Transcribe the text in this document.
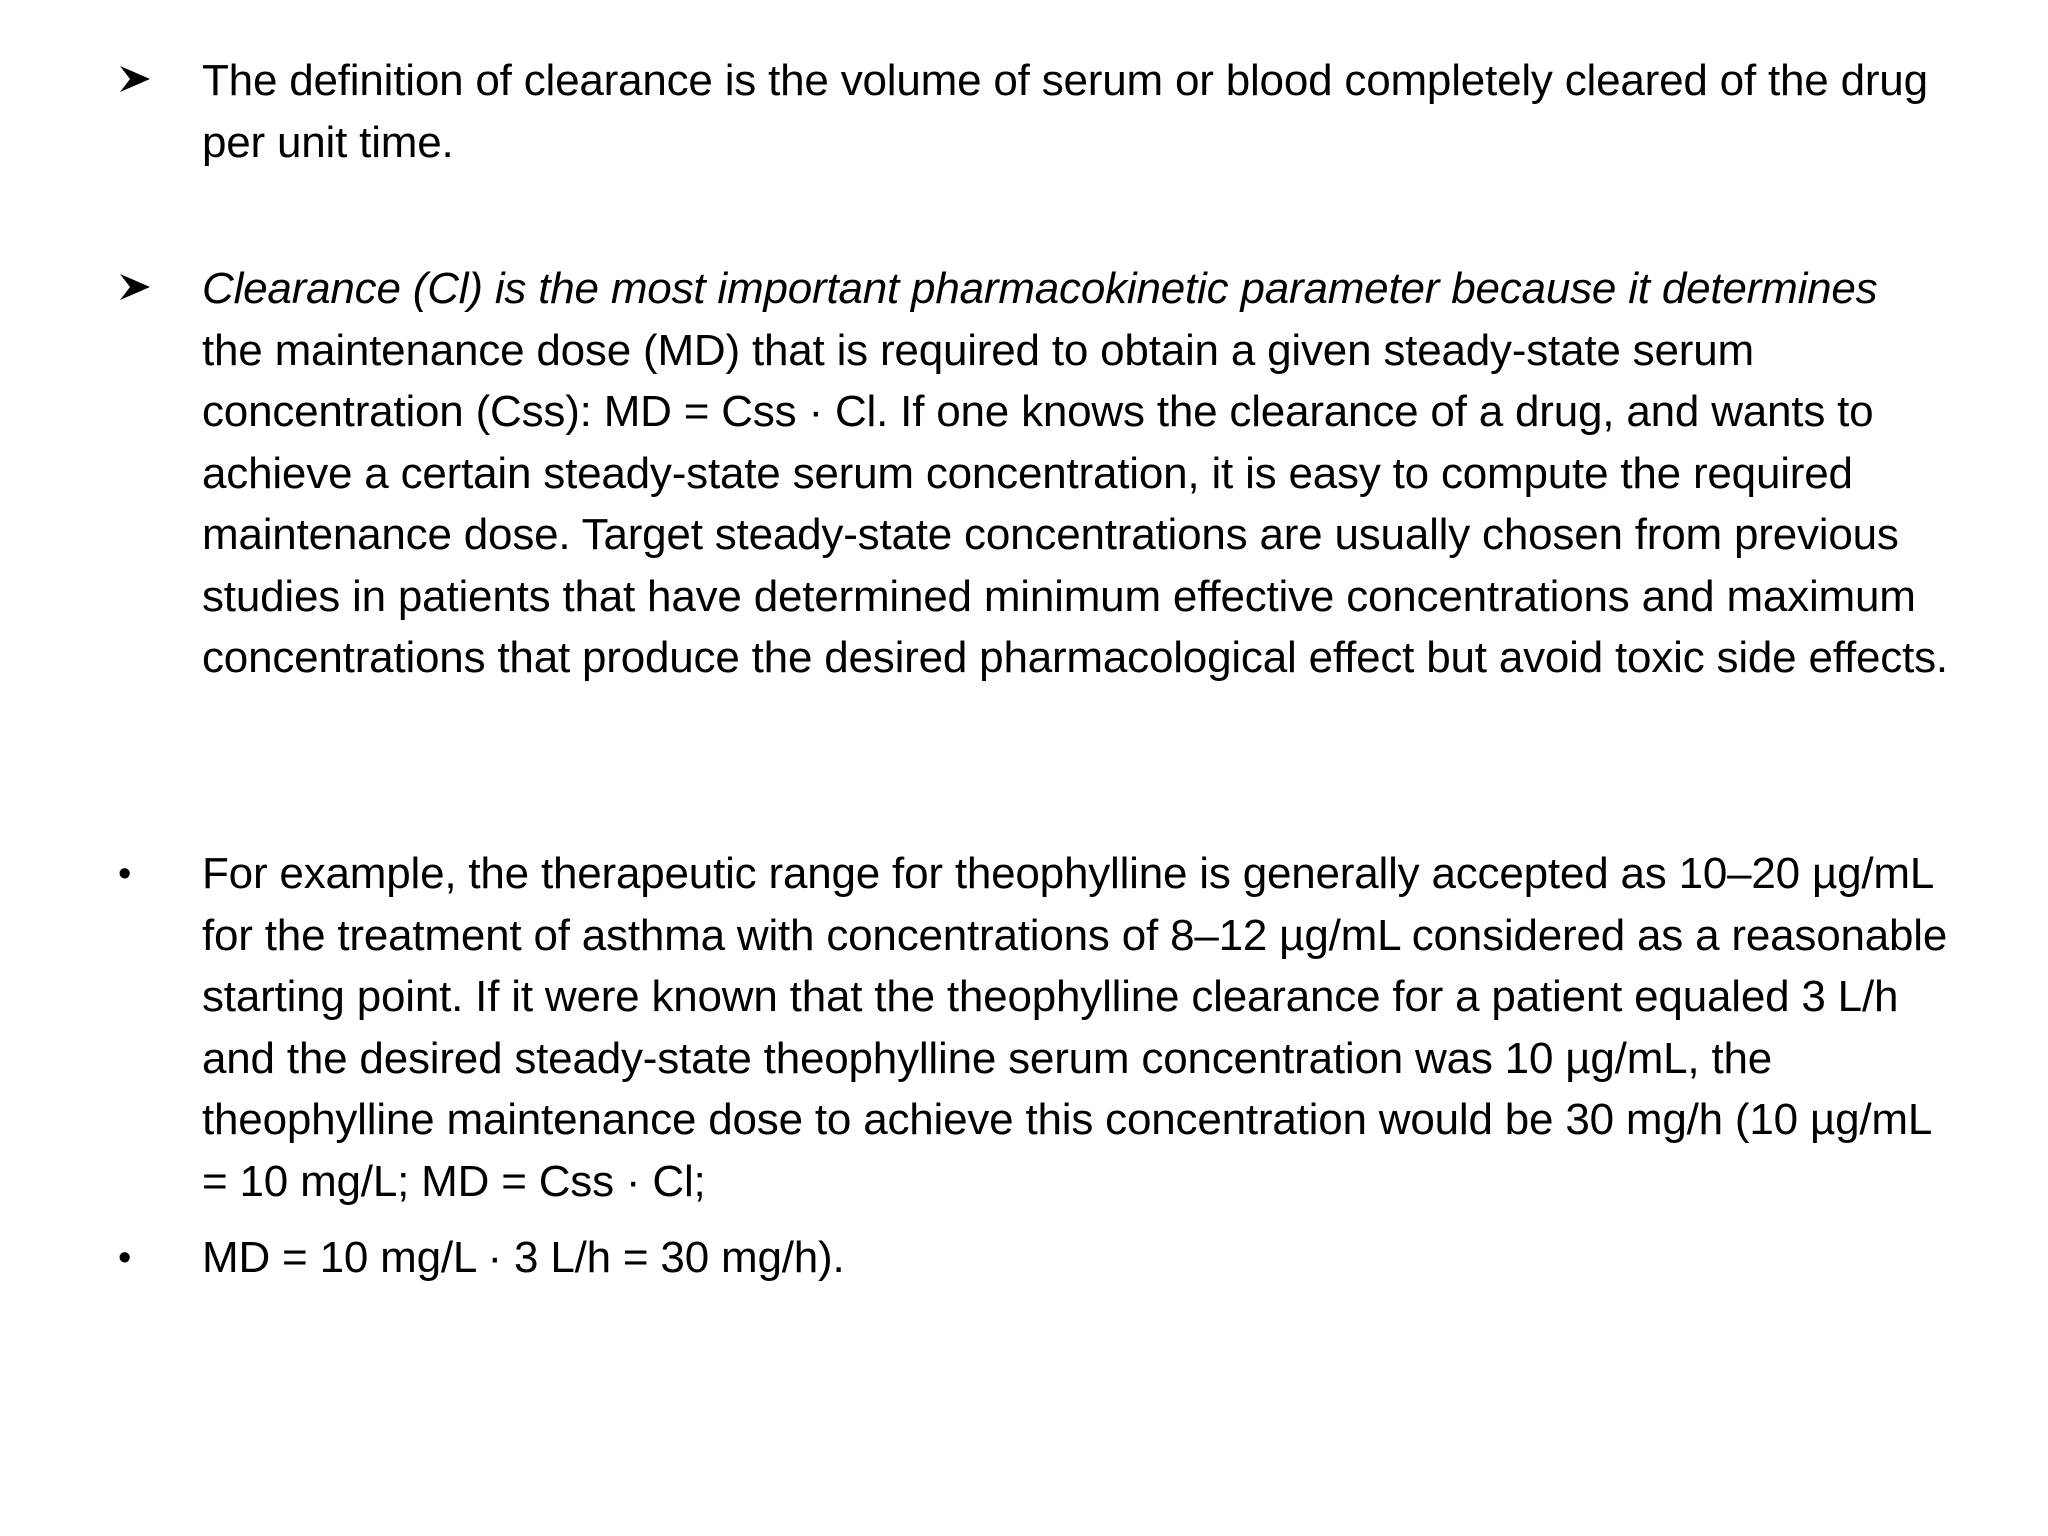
The definition of clearance is the volume of serum or blood completely cleared of the drug per unit time.
Clearance (Cl) is the most important pharmacokinetic parameter because it determines the maintenance dose (MD) that is required to obtain a given steady-state serum concentration (Css): MD = Css · Cl. If one knows the clearance of a drug, and wants to achieve a certain steady-state serum concentration, it is easy to compute the required maintenance dose. Target steady-state concentrations are usually chosen from previous studies in patients that have determined minimum effective concentrations and maximum concentrations that produce the desired pharmacological effect but avoid toxic side effects.
•	For example, the therapeutic range for theophylline is generally accepted as 10–20 µg/mL for the treatment of asthma with concentrations of 8–12 µg/mL considered as a reasonable starting point. If it were known that the theophylline clearance for a patient equaled 3 L/h and the desired steady-state theophylline serum concentration was 10 µg/mL, the theophylline maintenance dose to achieve this concentration would be 30 mg/h (10 µg/mL = 10 mg/L; MD = Css · Cl;
•	MD = 10 mg/L · 3 L/h = 30 mg/h).
